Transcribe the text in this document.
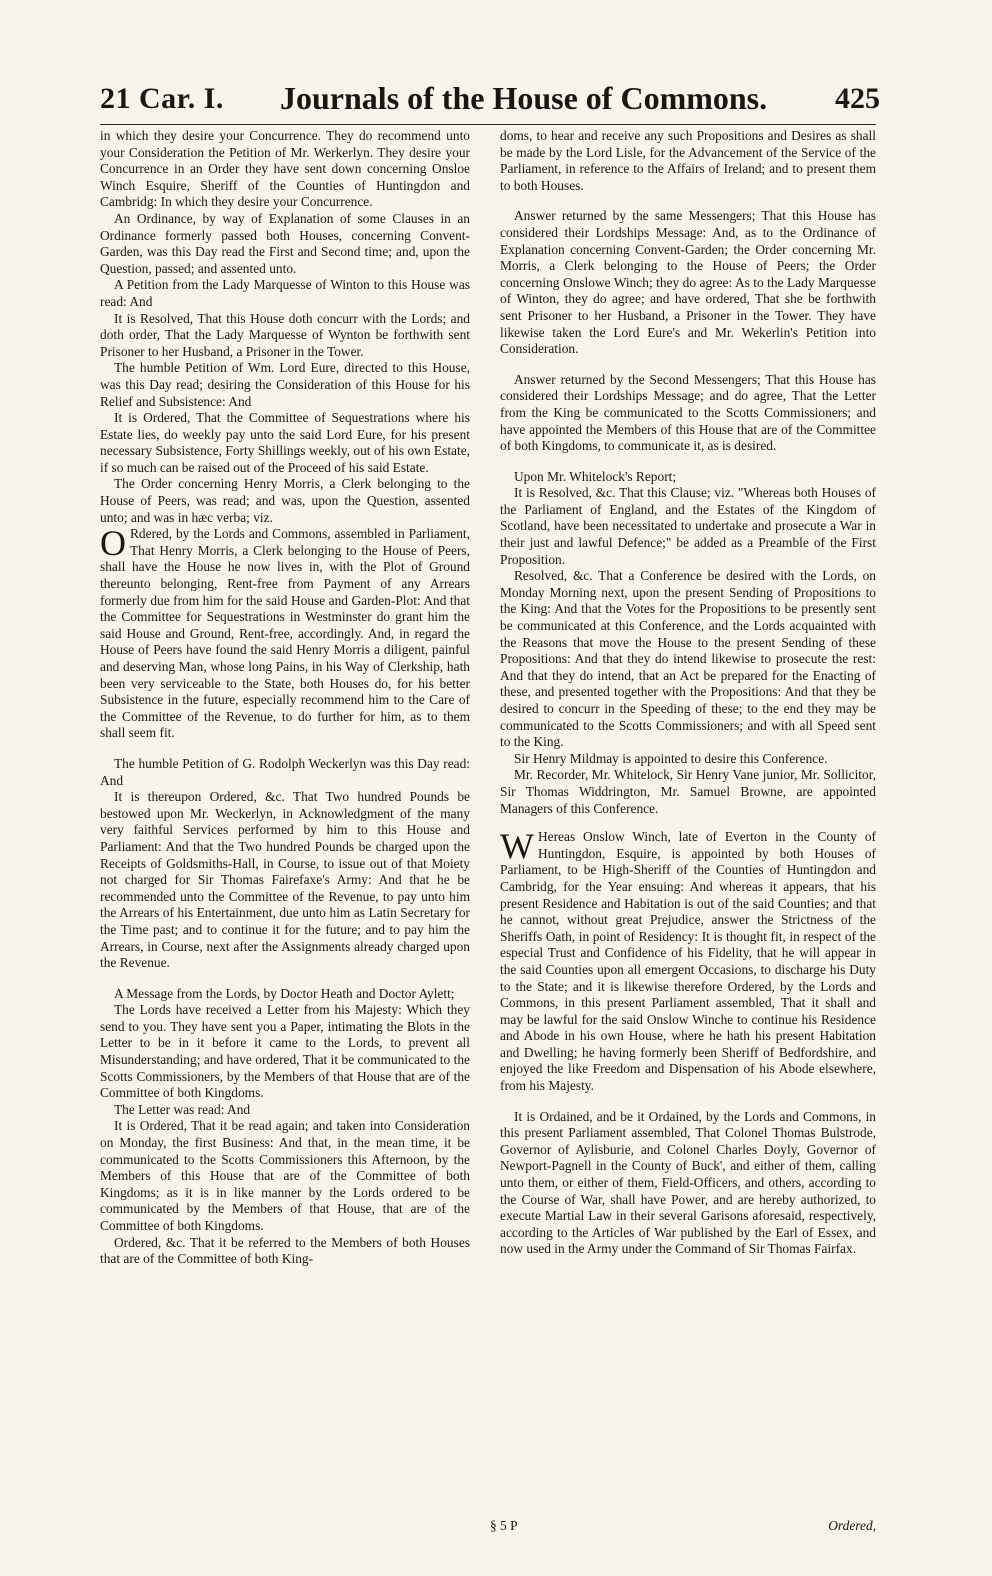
21 Car. I. Journals of the House of Commons. 425

in which they desire your Concurrence. They do recommend unto your Consideration the Petition of Mr. Werkerlyn. They desire your Concurrence in an Order they have sent down concerning Onsloe Winch Esquire, Sheriff of the Counties of Huntingdon and Cambridg: In which they desire your Concurrence.

An Ordinance, by way of Explanation of some Clauses in an Ordinance formerly passed both Houses, concerning Convent-Garden, was this Day read the First and Second time; and, upon the Question, passed; and assented unto.

A Petition from the Lady Marquesse of Winton to this House was read: And

It is Resolved, That this House doth concurr with the Lords; and doth order, That the Lady Marquesse of Wynton be forthwith sent Prisoner to her Husband, a Prisoner in the Tower.

The humble Petition of Wm. Lord Eure, directed to this House, was this Day read; desiring the Consideration of this House for his Relief and Subsistence: And

It is Ordered, That the Committee of Sequestrations where his Estate lies, do weekly pay unto the said Lord Eure, for his present necessary Subsistence, Forty Shillings weekly, out of his own Estate, if so much can be raised out of the Proceed of his said Estate.

The Order concerning Henry Morris, a Clerk belonging to the House of Peers, was read; and was, upon the Question, assented unto; and was in hæc verba; viz.

O Rdered, by the Lords and Commons, assembled in Parliament, That Henry Morris, a Clerk belonging to the House of Peers, shall have the House he now lives in, with the Plot of Ground thereunto belonging, Rent-free from Payment of any Arrears formerly due from him for the said House and Garden-Plot: And that the Committee for Sequestrations in Westminster do grant him the said House and Ground, Rent-free, accordingly. And, in regard the House of Peers have found the said Henry Morris a diligent, painful and deserving Man, whose long Pains, in his Way of Clerkship, hath been very serviceable to the State, both Houses do, for his better Subsistence in the future, especially recommend him to the Care of the Committee of the Revenue, to do further for him, as to them shall seem fit.

The humble Petition of G. Rodolph Weckerlyn was this Day read: And

It is thereupon Ordered, &c. That Two hundred Pounds be bestowed upon Mr. Weckerlyn, in Acknowledgment of the many very faithful Services performed by him to this House and Parliament: And that the Two hundred Pounds be charged upon the Receipts of Goldsmiths-Hall, in Course, to issue out of that Moiety not charged for Sir Thomas Fairefaxe's Army: And that he be recommended unto the Committee of the Revenue, to pay unto him the Arrears of his Entertainment, due unto him as Latin Secretary for the Time past; and to continue it for the future; and to pay him the Arrears, in Course, next after the Assignments already charged upon the Revenue.

A Message from the Lords, by Doctor Heath and Doctor Aylett;

The Lords have received a Letter from his Majesty: Which they send to you. They have sent you a Paper, intimating the Blots in the Letter to be in it before it came to the Lords, to prevent all Misunderstanding; and have ordered, That it be communicated to the Scotts Commissioners, by the Members of that House that are of the Committee of both Kingdoms.

The Letter was read: And

It is Ordered, That it be read again; and taken into Consideration on Monday, the first Business: And that, in the mean time, it be communicated to the Scotts Commissioners this Afternoon, by the Members of this House that are of the Committee of both Kingdoms; as it is in like manner by the Lords ordered to be communicated by the Members of that House, that are of the Committee of both Kingdoms.

Ordered, &c. That it be referred to the Members of both Houses that are of the Committee of both King-

doms, to hear and receive any such Propositions and Desires as shall be made by the Lord Lisle, for the Advancement of the Service of the Parliament, in reference to the Affairs of Ireland; and to present them to both Houses.

Answer returned by the same Messengers; That this House has considered their Lordships Message: And, as to the Ordinance of Explanation concerning Convent-Garden; the Order concerning Mr. Morris, a Clerk belonging to the House of Peers; the Order concerning Onslowe Winch; they do agree: As to the Lady Marquesse of Winton, they do agree; and have ordered, That she be forthwith sent Prisoner to her Husband, a Prisoner in the Tower. They have likewise taken the Lord Eure's and Mr. Wekerlin's Petition into Consideration.

Answer returned by the Second Messengers; That this House has considered their Lordships Message; and do agree, That the Letter from the King be communicated to the Scotts Commissioners; and have appointed the Members of this House that are of the Committee of both Kingdoms, to communicate it, as is desired.

Upon Mr. Whitelock's Report;

It is Resolved, &c. That this Clause; viz. "Whereas both Houses of the Parliament of England, and the Estates of the Kingdom of Scotland, have been necessitated to undertake and prosecute a War in their just and lawful Defence;" be added as a Preamble of the First Proposition.

Resolved, &c. That a Conference be desired with the Lords, on Monday Morning next, upon the present Sending of Propositions to the King: And that the Votes for the Propositions to be presently sent be communicated at this Conference, and the Lords acquainted with the Reasons that move the House to the present Sending of these Propositions: And that they do intend likewise to prosecute the rest: And that they do intend, that an Act be prepared for the Enacting of these, and presented together with the Propositions: And that they be desired to concurr in the Speeding of these; to the end they may be communicated to the Scotts Commissioners; and with all Speed sent to the King.

Sir Henry Mildmay is appointed to desire this Conference.

Mr. Recorder, Mr. Whitelock, Sir Henry Vane junior, Mr. Sollicitor, Sir Thomas Widdrington, Mr. Samuel Browne, are appointed Managers of this Conference.

W Hereas Onslow Winch, late of Everton in the County of Huntingdon, Esquire, is appointed by both Houses of Parliament, to be High-Sheriff of the Counties of Huntingdon and Cambridg, for the Year ensuing: And whereas it appears, that his present Residence and Habitation is out of the said Counties; and that he cannot, without great Prejudice, answer the Strictness of the Sheriffs Oath, in point of Residency: It is thought fit, in respect of the especial Trust and Confidence of his Fidelity, that he will appear in the said Counties upon all emergent Occasions, to discharge his Duty to the State; and it is likewise therefore Ordered, by the Lords and Commons, in this present Parliament assembled, That it shall and may be lawful for the said Onslow Winche to continue his Residence and Abode in his own House, where he hath his present Habitation and Dwelling; he having formerly been Sheriff of Bedfordshire, and enjoyed the like Freedom and Dispensation of his Abode elsewhere, from his Majesty.

It is Ordained, and be it Ordained, by the Lords and Commons, in this present Parliament assembled, That Colonel Thomas Bulstrode, Governor of Aylisburie, and Colonel Charles Doyly, Governor of Newport-Pagnell in the County of Buck', and either of them, calling unto them, or either of them, Field-Officers, and others, according to the Course of War, shall have Power, and are hereby authorized, to execute Martial Law in their several Garisons aforesaid, respectively, according to the Articles of War published by the Earl of Essex, and now used in the Army under the Command of Sir Thomas Fairfax.

§ 5 P	Ordered,
